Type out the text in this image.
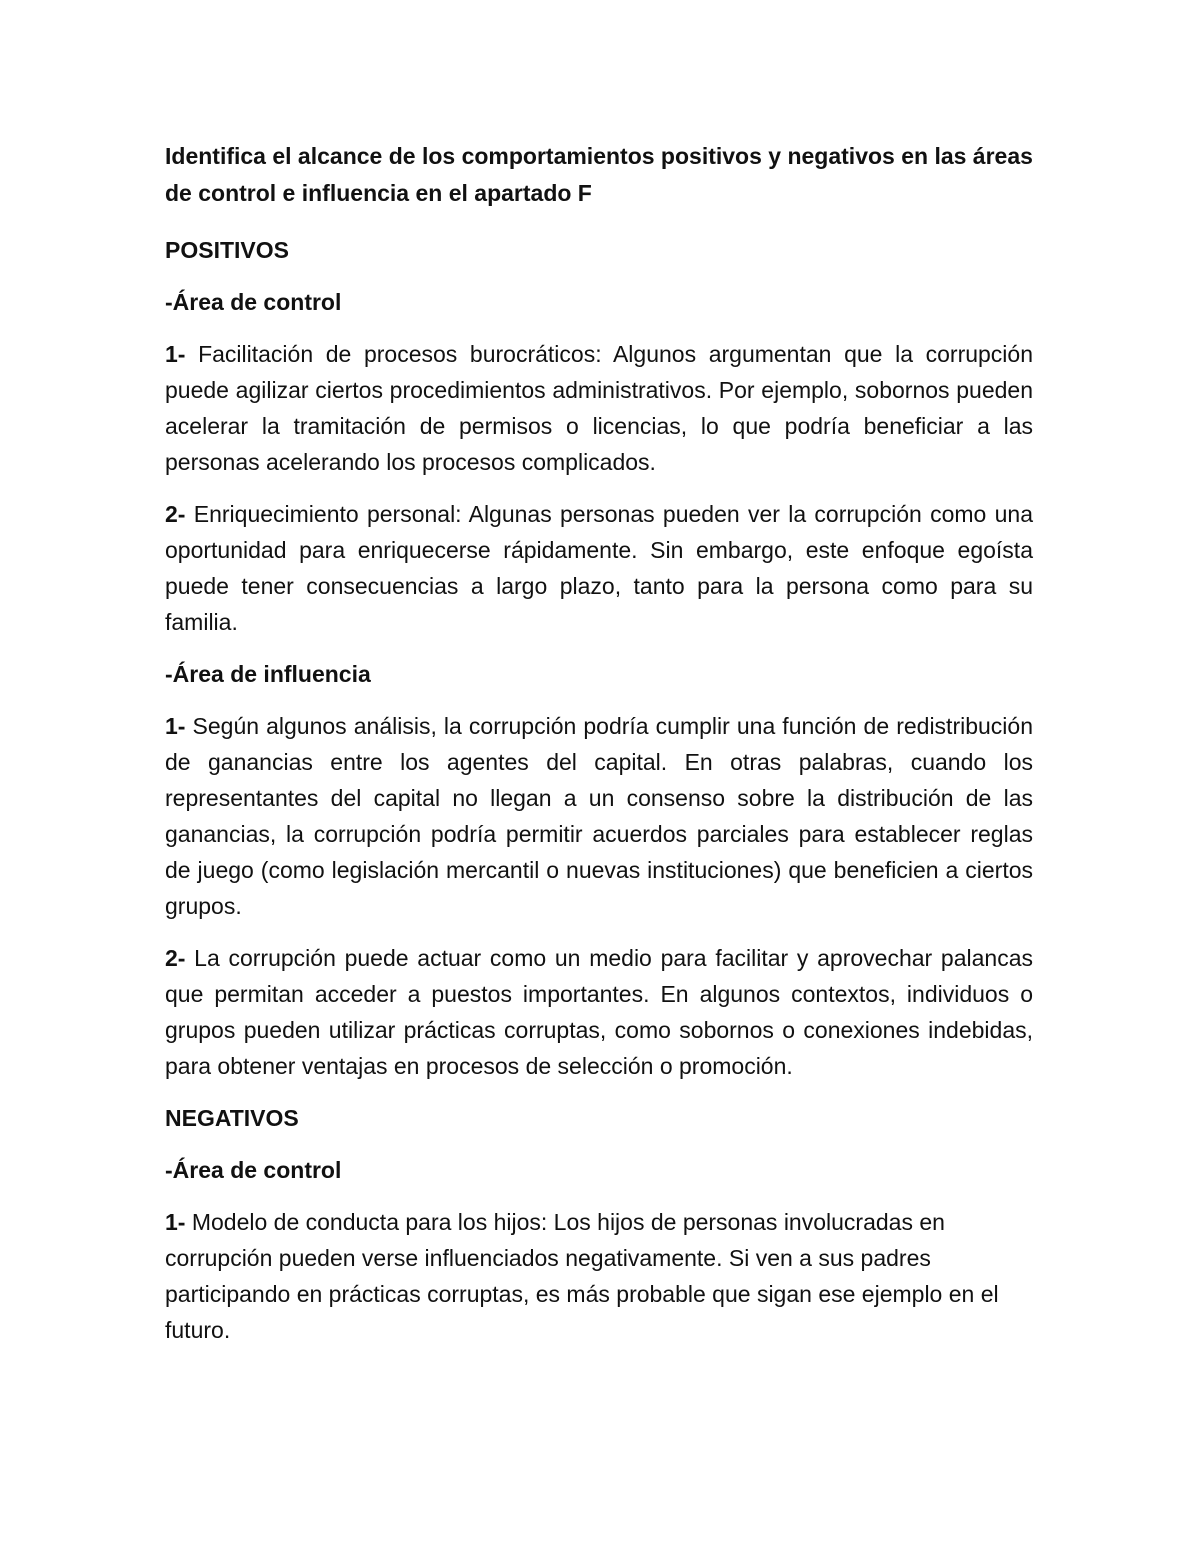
Identifica el alcance de los comportamientos positivos y negativos en las áreas de control e influencia en el apartado F

POSITIVOS

-Área de control

1- Facilitación de procesos burocráticos: Algunos argumentan que la corrupción puede agilizar ciertos procedimientos administrativos. Por ejemplo, sobornos pueden acelerar la tramitación de permisos o licencias, lo que podría beneficiar a las personas acelerando los procesos complicados.

2- Enriquecimiento personal: Algunas personas pueden ver la corrupción como una oportunidad para enriquecerse rápidamente. Sin embargo, este enfoque egoísta puede tener consecuencias a largo plazo, tanto para la persona como para su familia.

-Área de influencia

1- Según algunos análisis, la corrupción podría cumplir una función de redistribución de ganancias entre los agentes del capital. En otras palabras, cuando los representantes del capital no llegan a un consenso sobre la distribución de las ganancias, la corrupción podría permitir acuerdos parciales para establecer reglas de juego (como legislación mercantil o nuevas instituciones) que beneficien a ciertos grupos.

2- La corrupción puede actuar como un medio para facilitar y aprovechar palancas que permitan acceder a puestos importantes. En algunos contextos, individuos o grupos pueden utilizar prácticas corruptas, como sobornos o conexiones indebidas, para obtener ventajas en procesos de selección o promoción.

NEGATIVOS

-Área de control

1- Modelo de conducta para los hijos: Los hijos de personas involucradas en corrupción pueden verse influenciados negativamente. Si ven a sus padres participando en prácticas corruptas, es más probable que sigan ese ejemplo en el futuro.
